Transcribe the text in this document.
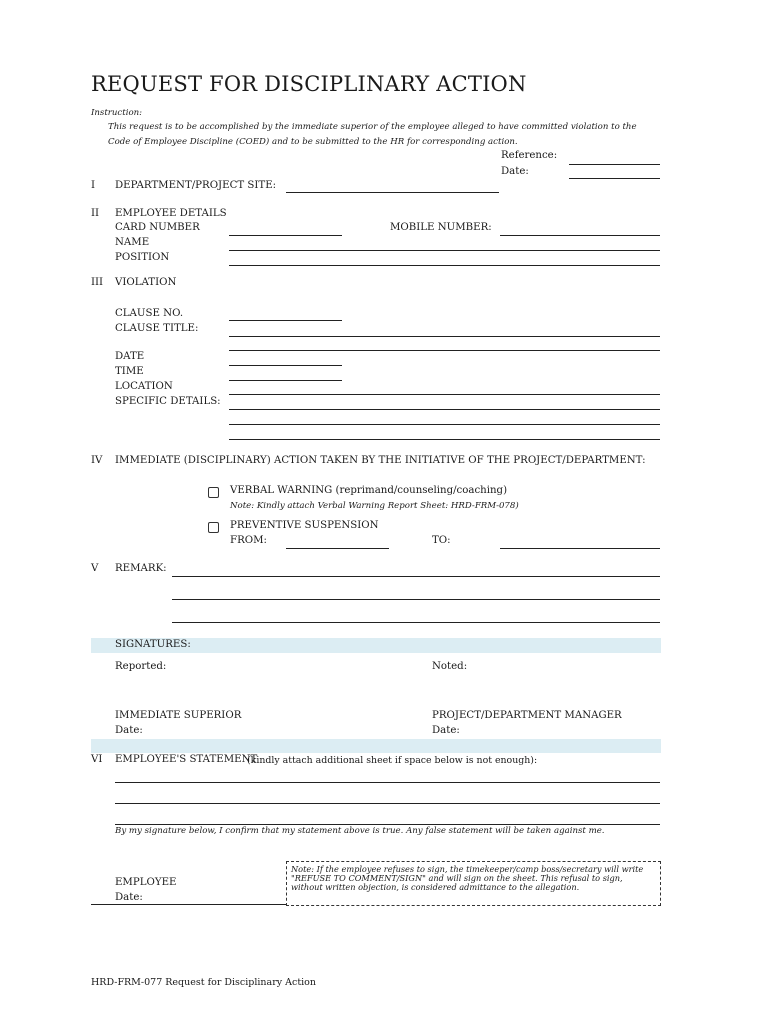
REQUEST FOR DISCIPLINARY ACTION
Instruction:
This request is to be accomplished by the immediate superior of the employee alleged to have committed violation to the
Code of Employee Discipline (COED) and to be submitted to the HR for corresponding action.
Reference:
Date:
I DEPARTMENT/PROJECT SITE:
II EMPLOYEE DETAILS
CARD NUMBER	MOBILE NUMBER:
NAME
POSITION
III VIOLATION
CLAUSE NO.
CLAUSE TITLE:
DATE
TIME
LOCATION
SPECIFIC DETAILS:
IV IMMEDIATE (DISCIPLINARY) ACTION TAKEN BY THE INITIATIVE OF THE PROJECT/DEPARTMENT:
VERBAL WARNING (reprimand/counseling/coaching)
Note: Kindly attach Verbal Warning Report Sheet: HRD-FRM-078)
PREVENTIVE SUSPENSION
FROM:	TO:
V REMARK:
SIGNATURES:
Reported:	Noted:
IMMEDIATE SUPERIOR	PROJECT/DEPARTMENT MANAGER
Date:	Date:
VI EMPLOYEE'S STATEMENT
(kindly attach additional sheet if space below is not enough):
By my signature below, I confirm that my statement above is true. Any false statement will be taken against me.
Note: If the employee refuses to sign, the timekeeper/camp boss/secretary will write "REFUSE TO COMMENT/SIGN" and will sign on the sheet. This refusal to sign, without written objection, is considered admittance to the allegation.
EMPLOYEE
Date:
HRD-FRM-077 Request for Disciplinary Action
